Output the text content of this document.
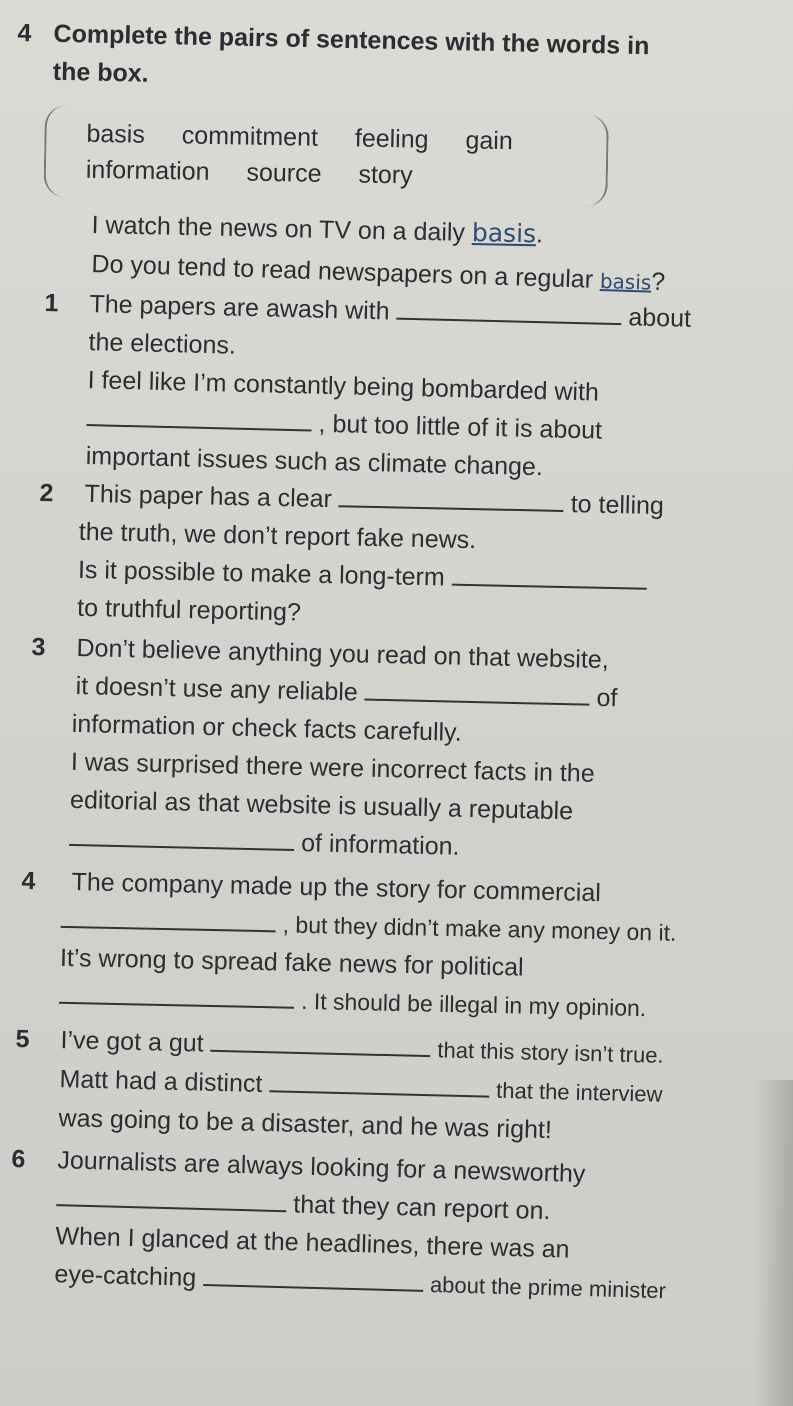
4 Complete the pairs of sentences with the words in
the box.
basis commitment feeling gain
information source story
I watch the news on TV on a daily basis.
Do you tend to read newspapers on a regular basis?
1	The papers are awash with	about
the elections.
I feel like I’m constantly being bombarded with
, but too little of it is about
important issues such as climate change.
2	This paper has a clear	to telling
the truth, we don’t report fake news.
Is it possible to make a long-term
to truthful reporting?
3	Don’t believe anything you read on that website,
it doesn’t use any reliable	of
information or check facts carefully.
I was surprised there were incorrect facts in the
editorial as that website is usually a reputable
of information.
4	The company made up the story for commercial
, but they didn’t make any money on it.
It’s wrong to spread fake news for political
. It should be illegal in my opinion.
5	I’ve got a gut	that this story isn’t true.
Matt had a distinct	that the interview
was going to be a disaster, and he was right!
6	Journalists are always looking for a newsworthy
that they can report on.
When I glanced at the headlines, there was an
eye-catching	about the prime minister
